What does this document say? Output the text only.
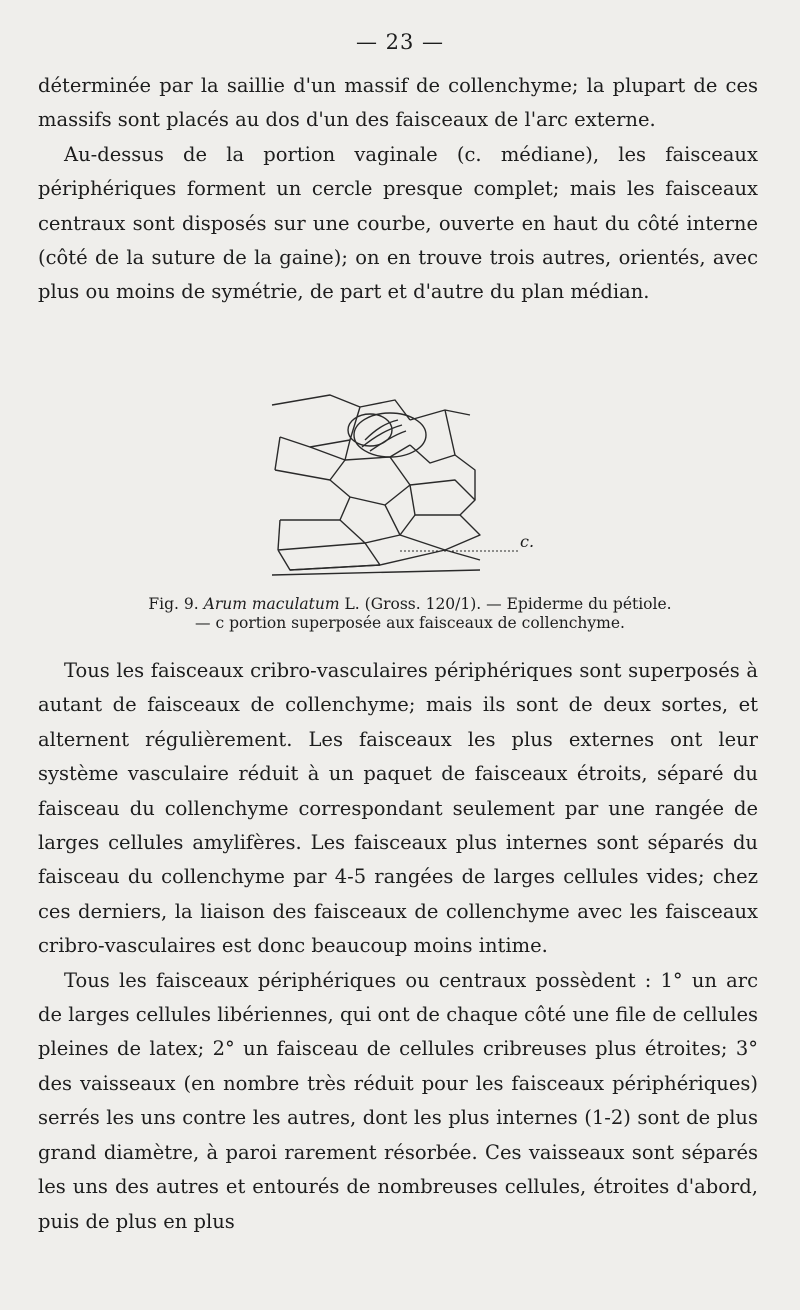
— 23 —

déterminée par la saillie d'un massif de collenchyme; la plupart de ces massifs sont placés au dos d'un des faisceaux de l'arc externe.

Au-dessus de la portion vaginale (c. médiane), les faisceaux périphériques forment un cercle presque complet; mais les faisceaux centraux sont disposés sur une courbe, ouverte en haut du côté interne (côté de la suture de la gaine); on en trouve trois autres, orientés, avec plus ou moins de symétrie, de part et d'autre du plan médian.

c.
Fig. 9. Arum maculatum L. (Gross. 120/1). — Epiderme du pétiole.
— c portion superposée aux faisceaux de collenchyme.

Tous les faisceaux cribro-vasculaires périphériques sont superposés à autant de faisceaux de collenchyme; mais ils sont de deux sortes, et alternent régulièrement. Les faisceaux les plus externes ont leur système vasculaire réduit à un paquet de faisceaux étroits, séparé du faisceau du collenchyme correspondant seulement par une rangée de larges cellules amylifères. Les faisceaux plus internes sont séparés du faisceau du collenchyme par 4-5 rangées de larges cellules vides; chez ces derniers, la liaison des faisceaux de collenchyme avec les faisceaux cribro-vasculaires est donc beaucoup moins intime.

Tous les faisceaux périphériques ou centraux possèdent : 1° un arc de larges cellules libériennes, qui ont de chaque côté une file de cellules pleines de latex; 2° un faisceau de cellules cribreuses plus étroites; 3° des vaisseaux (en nombre très réduit pour les faisceaux périphériques) serrés les uns contre les autres, dont les plus internes (1-2) sont de plus grand diamètre, à paroi rarement résorbée. Ces vaisseaux sont séparés les uns des autres et entourés de nombreuses cellules, étroites d'abord, puis de plus en plus
